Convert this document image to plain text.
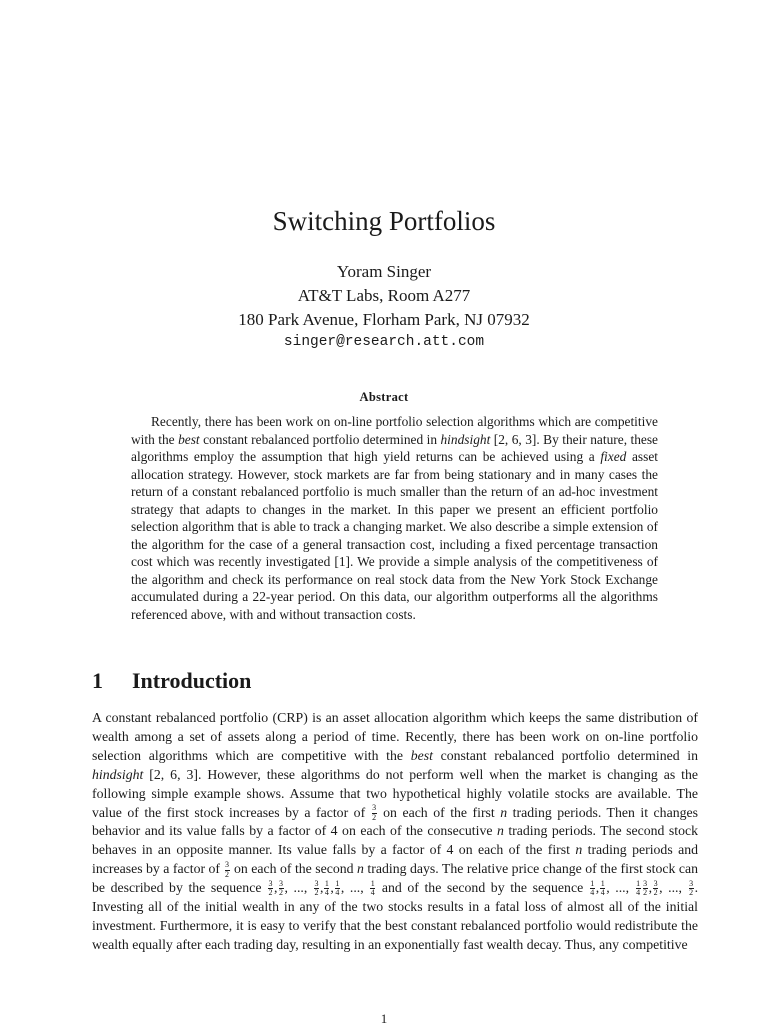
Switching Portfolios
Yoram Singer
AT&T Labs, Room A277
180 Park Avenue, Florham Park, NJ 07932
singer@research.att.com
Abstract

Recently, there has been work on on-line portfolio selection algorithms which are competitive with the best constant rebalanced portfolio determined in hindsight [2, 6, 3]. By their nature, these algorithms employ the assumption that high yield returns can be achieved using a fixed asset allocation strategy. However, stock markets are far from being stationary and in many cases the return of a constant rebalanced portfolio is much smaller than the return of an ad-hoc investment strategy that adapts to changes in the market. In this paper we present an efficient portfolio selection algorithm that is able to track a changing market. We also describe a simple extension of the algorithm for the case of a general transaction cost, including a fixed percentage transaction cost which was recently investigated [1]. We provide a simple analysis of the competitiveness of the algorithm and check its performance on real stock data from the New York Stock Exchange accumulated during a 22-year period. On this data, our algorithm outperforms all the algorithms referenced above, with and without transaction costs.

1 Introduction

A constant rebalanced portfolio (CRP) is an asset allocation algorithm which keeps the same distribution of wealth among a set of assets along a period of time. Recently, there has been work on on-line portfolio selection algorithms which are competitive with the best constant rebalanced portfolio determined in hindsight [2, 6, 3]. However, these algorithms do not perform well when the market is changing as the following simple example shows. Assume that two hypothetical highly volatile stocks are available. The value of the first stock increases by a factor of $\frac{3}{2}$ on each of the first n trading periods. Then it changes behavior and its value falls by a factor of 4 on each of the consecutive n trading periods. The second stock behaves in an opposite manner. Its value falls by a factor of 4 on each of the first n trading periods and increases by a factor of $\frac{3}{2}$ on each of the second n trading days. The relative price change of the first stock can be described by the sequence $\frac{3}{2}$ , $\frac{3}{2}$ , ..., $\frac{3}{2}$ , $\frac{1}{4}$ , $\frac{1}{4}$ , ..., $\frac{1}{4}$ and of the second by the sequence $\frac{1}{4}$ , $\frac{1}{4}$ , ..., $\frac{1}{4} \frac{3}{2}$ , $\frac{3}{2}$ , ..., $\frac{3}{2}$ . Investing all of the initial wealth in any of the two stocks results in a fatal loss of almost all of the initial investment. Furthermore, it is easy to verify that the best constant rebalanced portfolio would redistribute the wealth equally after each trading day, resulting in an exponentially fast wealth decay. Thus, any competitive

1
